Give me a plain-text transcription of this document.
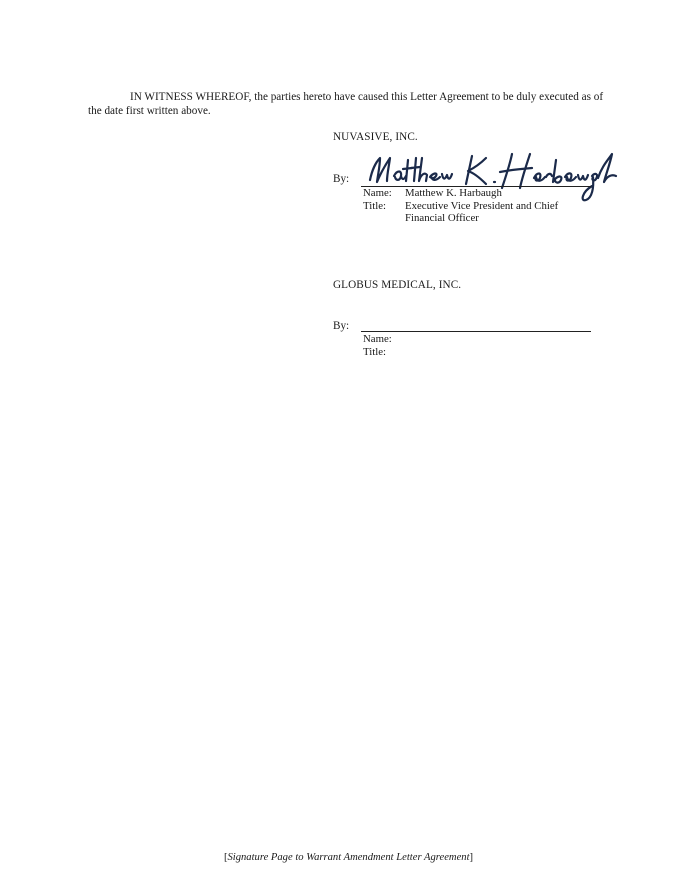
IN WITNESS WHEREOF, the parties hereto have caused this Letter Agreement to be duly executed as of the date first written above.

NUVASIVE, INC.
By:
Name: Matthew K. Harbaugh
Title: Executive Vice President and Chief
Financial Officer
GLOBUS MEDICAL, INC.
By:
Name:
Title:
[Signature Page to Warrant Amendment Letter Agreement]
